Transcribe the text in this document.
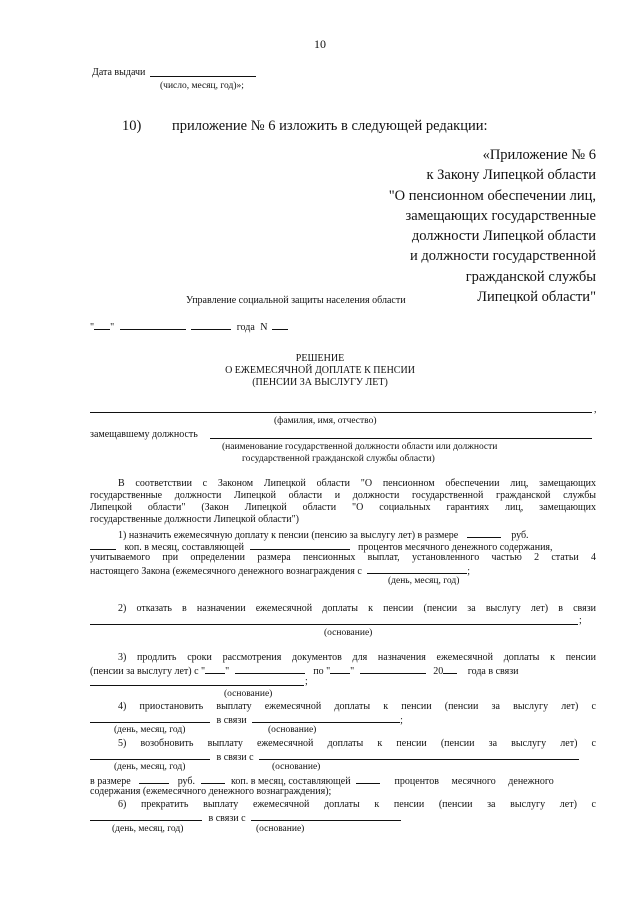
10
Дата выдачи
(число, месяц, год)»;
10) приложение № 6 изложить в следующей редакции:
«Приложение № 6
к Закону Липецкой области
"О пенсионном обеспечении лиц,
замещающих государственные
должности Липецкой области
и должности государственной
гражданской службы
Липецкой области"
Управление социальной защиты населения области
" "	года N
РЕШЕНИЕ
О ЕЖЕМЕСЯЧНОЙ ДОПЛАТЕ К ПЕНСИИ
(ПЕНСИИ ЗА ВЫСЛУГУ ЛЕТ)
,
(фамилия, имя, отчество)
замещавшему должность
(наименование государственной должности области или должности
государственной гражданской службы области)
В соответствии с Законом Липецкой области "О пенсионном обеспечении лиц, замещающих
государственные должности Липецкой области и должности государственной гражданской службы
Липецкой области" (Закон Липецкой области "О социальных гарантиях лиц, замещающих
государственные должности Липецкой области")
1) назначить ежемесячную доплату к пенсии (пенсию за выслугу лет) в размере	руб.
коп. в месяц, составляющей	процентов месячного денежного содержания,
учитываемого при определении размера пенсионных выплат, установленного частью 2 статьи 4
настоящего Закона (ежемесячного денежного вознаграждения с	;
(день, месяц, год)
2) отказать в назначении ежемесячной доплаты к пенсии (пенсии за выслугу лет) в связи
;
(основание)
3) продлить сроки рассмотрения документов для назначения ежемесячной доплаты к пенсии
(пенсии за выслугу лет) с " "	по " "	20 года в связи
;
(основание)
4) приостановить выплату ежемесячной доплаты к пенсии (пенсии за выслугу лет) с
в связи	;
(день, месяц, год)	(основание)
5) возобновить выплату ежемесячной доплаты к пенсии (пенсии за выслугу лет) с
в связи с
(день, месяц, год)	(основание)
в размере	руб.	коп. в месяц, составляющей	процентов месячного денежного
содержания (ежемесячного денежного вознаграждения);
6) прекратить выплату ежемесячной доплаты к пенсии (пенсии за выслугу лет) с
в связи с
(день, месяц, год)	(основание)
